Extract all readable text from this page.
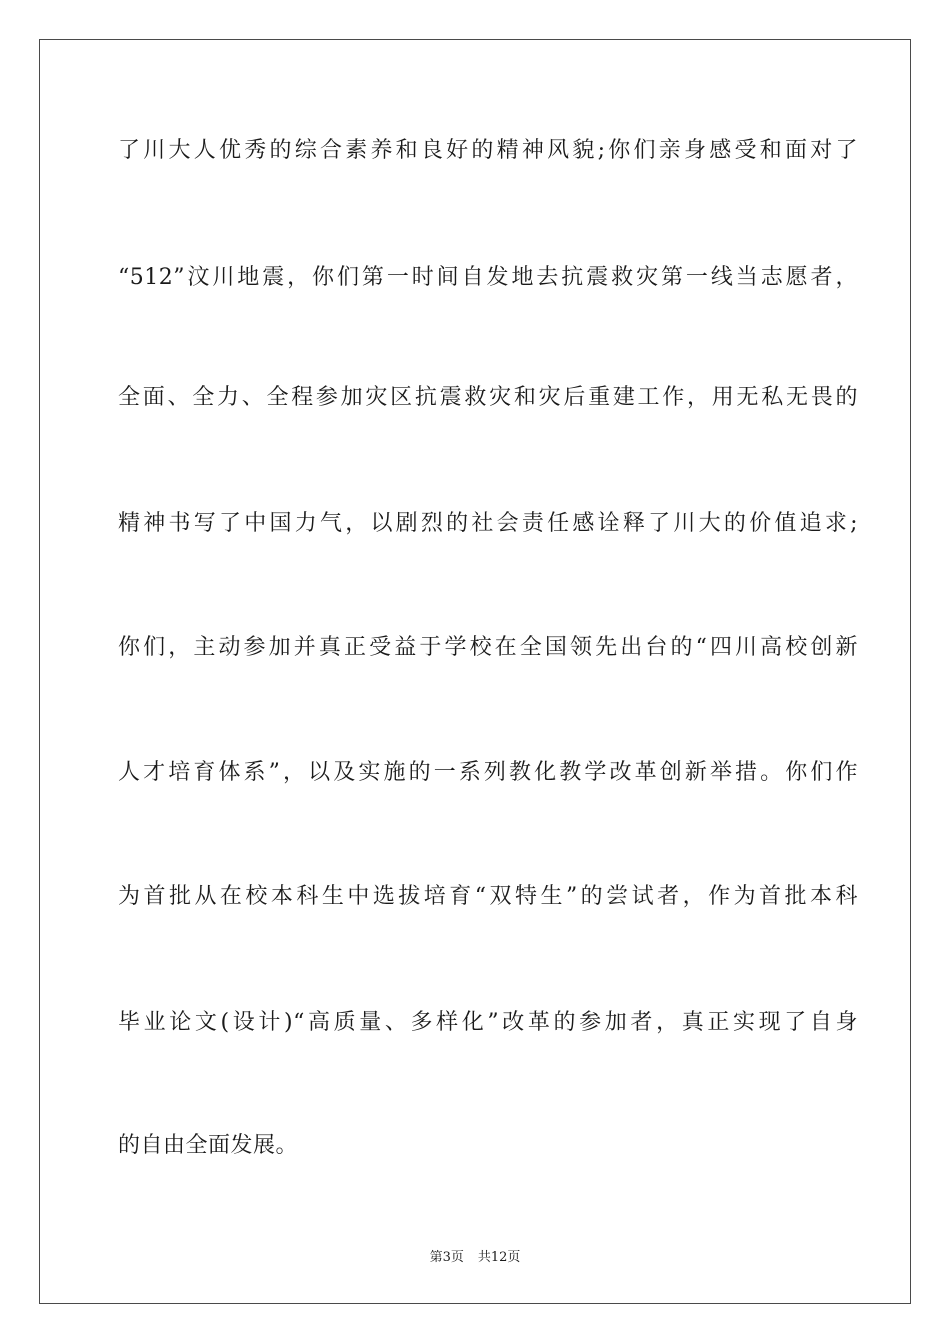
了川大人优秀的综合素养和良好的精神风貌;你们亲身感受和面对了
“512”汶川地震，你们第一时间自发地去抗震救灾第一线当志愿者，
全面、全力、全程参加灾区抗震救灾和灾后重建工作，用无私无畏的
精神书写了中国力气，以剧烈的社会责任感诠释了川大的价值追求;
你们，主动参加并真正受益于学校在全国领先出台的“四川高校创新
人才培育体系”，以及实施的一系列教化教学改革创新举措。你们作
为首批从在校本科生中选拔培育“双特生”的尝试者，作为首批本科
毕业论文(设计)“高质量、多样化”改革的参加者，真正实现了自身
的自由全面发展。
第3页 共12页
